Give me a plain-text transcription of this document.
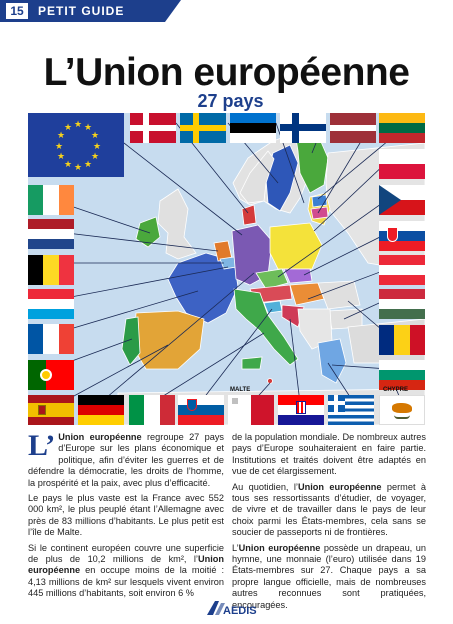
15	PETIT GUIDE
L’Union européenne
27 pays
★ ★
★
★
★
★
★
★
★
★
★
★
MALTE	CHYPRE

L’ Union européenne regroupe 27 pays d’Europe sur les plans économique et politique, afin d’éviter les guerres et de défendre la démocratie, les droits de l’homme, la prospérité et la paix, avec plus d’efficacité.

Le pays le plus vaste est la France avec 552 000 km², le plus peuplé étant l’Allemagne avec près de 83 millions d’habitants. Le plus petit est l’île de Malte.

Si le continent européen couvre une superficie de plus de 10,2 millions de km², l’Union européenne en occupe moins de la moitié : 4,13 millions de km² sur lesquels vivent environ 445 millions d’habitants, soit environ 6 %

de la population mondiale. De nombreux autres pays d’Europe souhaiteraient en faire partie. Institutions et traités doivent être adaptés en vue de cet élargissement.

Au quotidien, l’Union européenne permet à tous ses ressortissants d’étudier, de voyager, de vivre et de travailler dans le pays de leur choix parmi les États-membres, cela sans se soucier de passeports ni de frontières.

L’Union européenne possède un drapeau, un hymne, une monnaie (l’euro) utilisée dans 19 États-membres sur 27. Chaque pays a sa propre langue officielle, mais de nombreuses autres reconnues sont pratiquées, encouragées.

AEDIS
